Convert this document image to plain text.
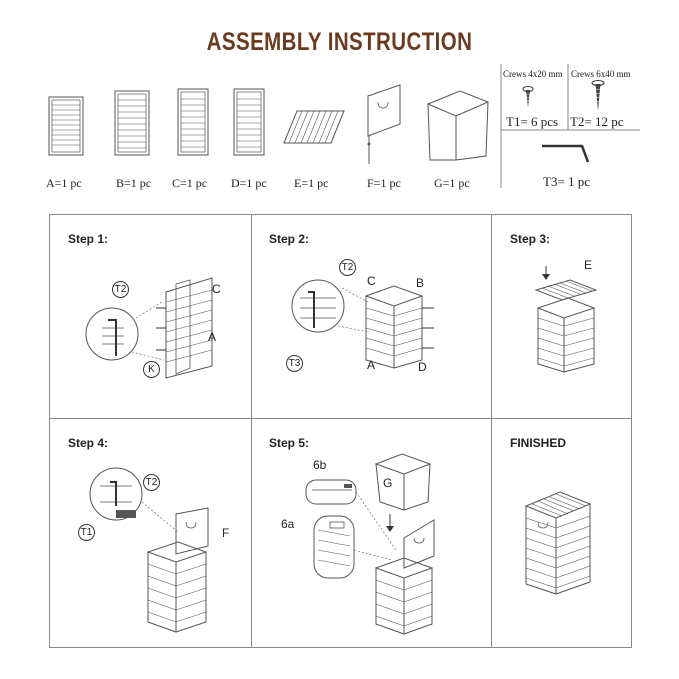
ASSEMBLY INSTRUCTION
A=1 pc	B=1 pc C=1 pc D=1 pc E=1 pc	F=1 pc	G=1 pc
Crews 4x20 mm Crews 6x40 mm
T1= 6 pcs T2= 12 pc
T3= 1 pc
Step 1:
T2	C
A
K
Step 2:
T2
C	B
T3	A	D
Step 3:
E
Step 4:
T2
T1	F
Step 5:
6b
G
6a
FINISHED
